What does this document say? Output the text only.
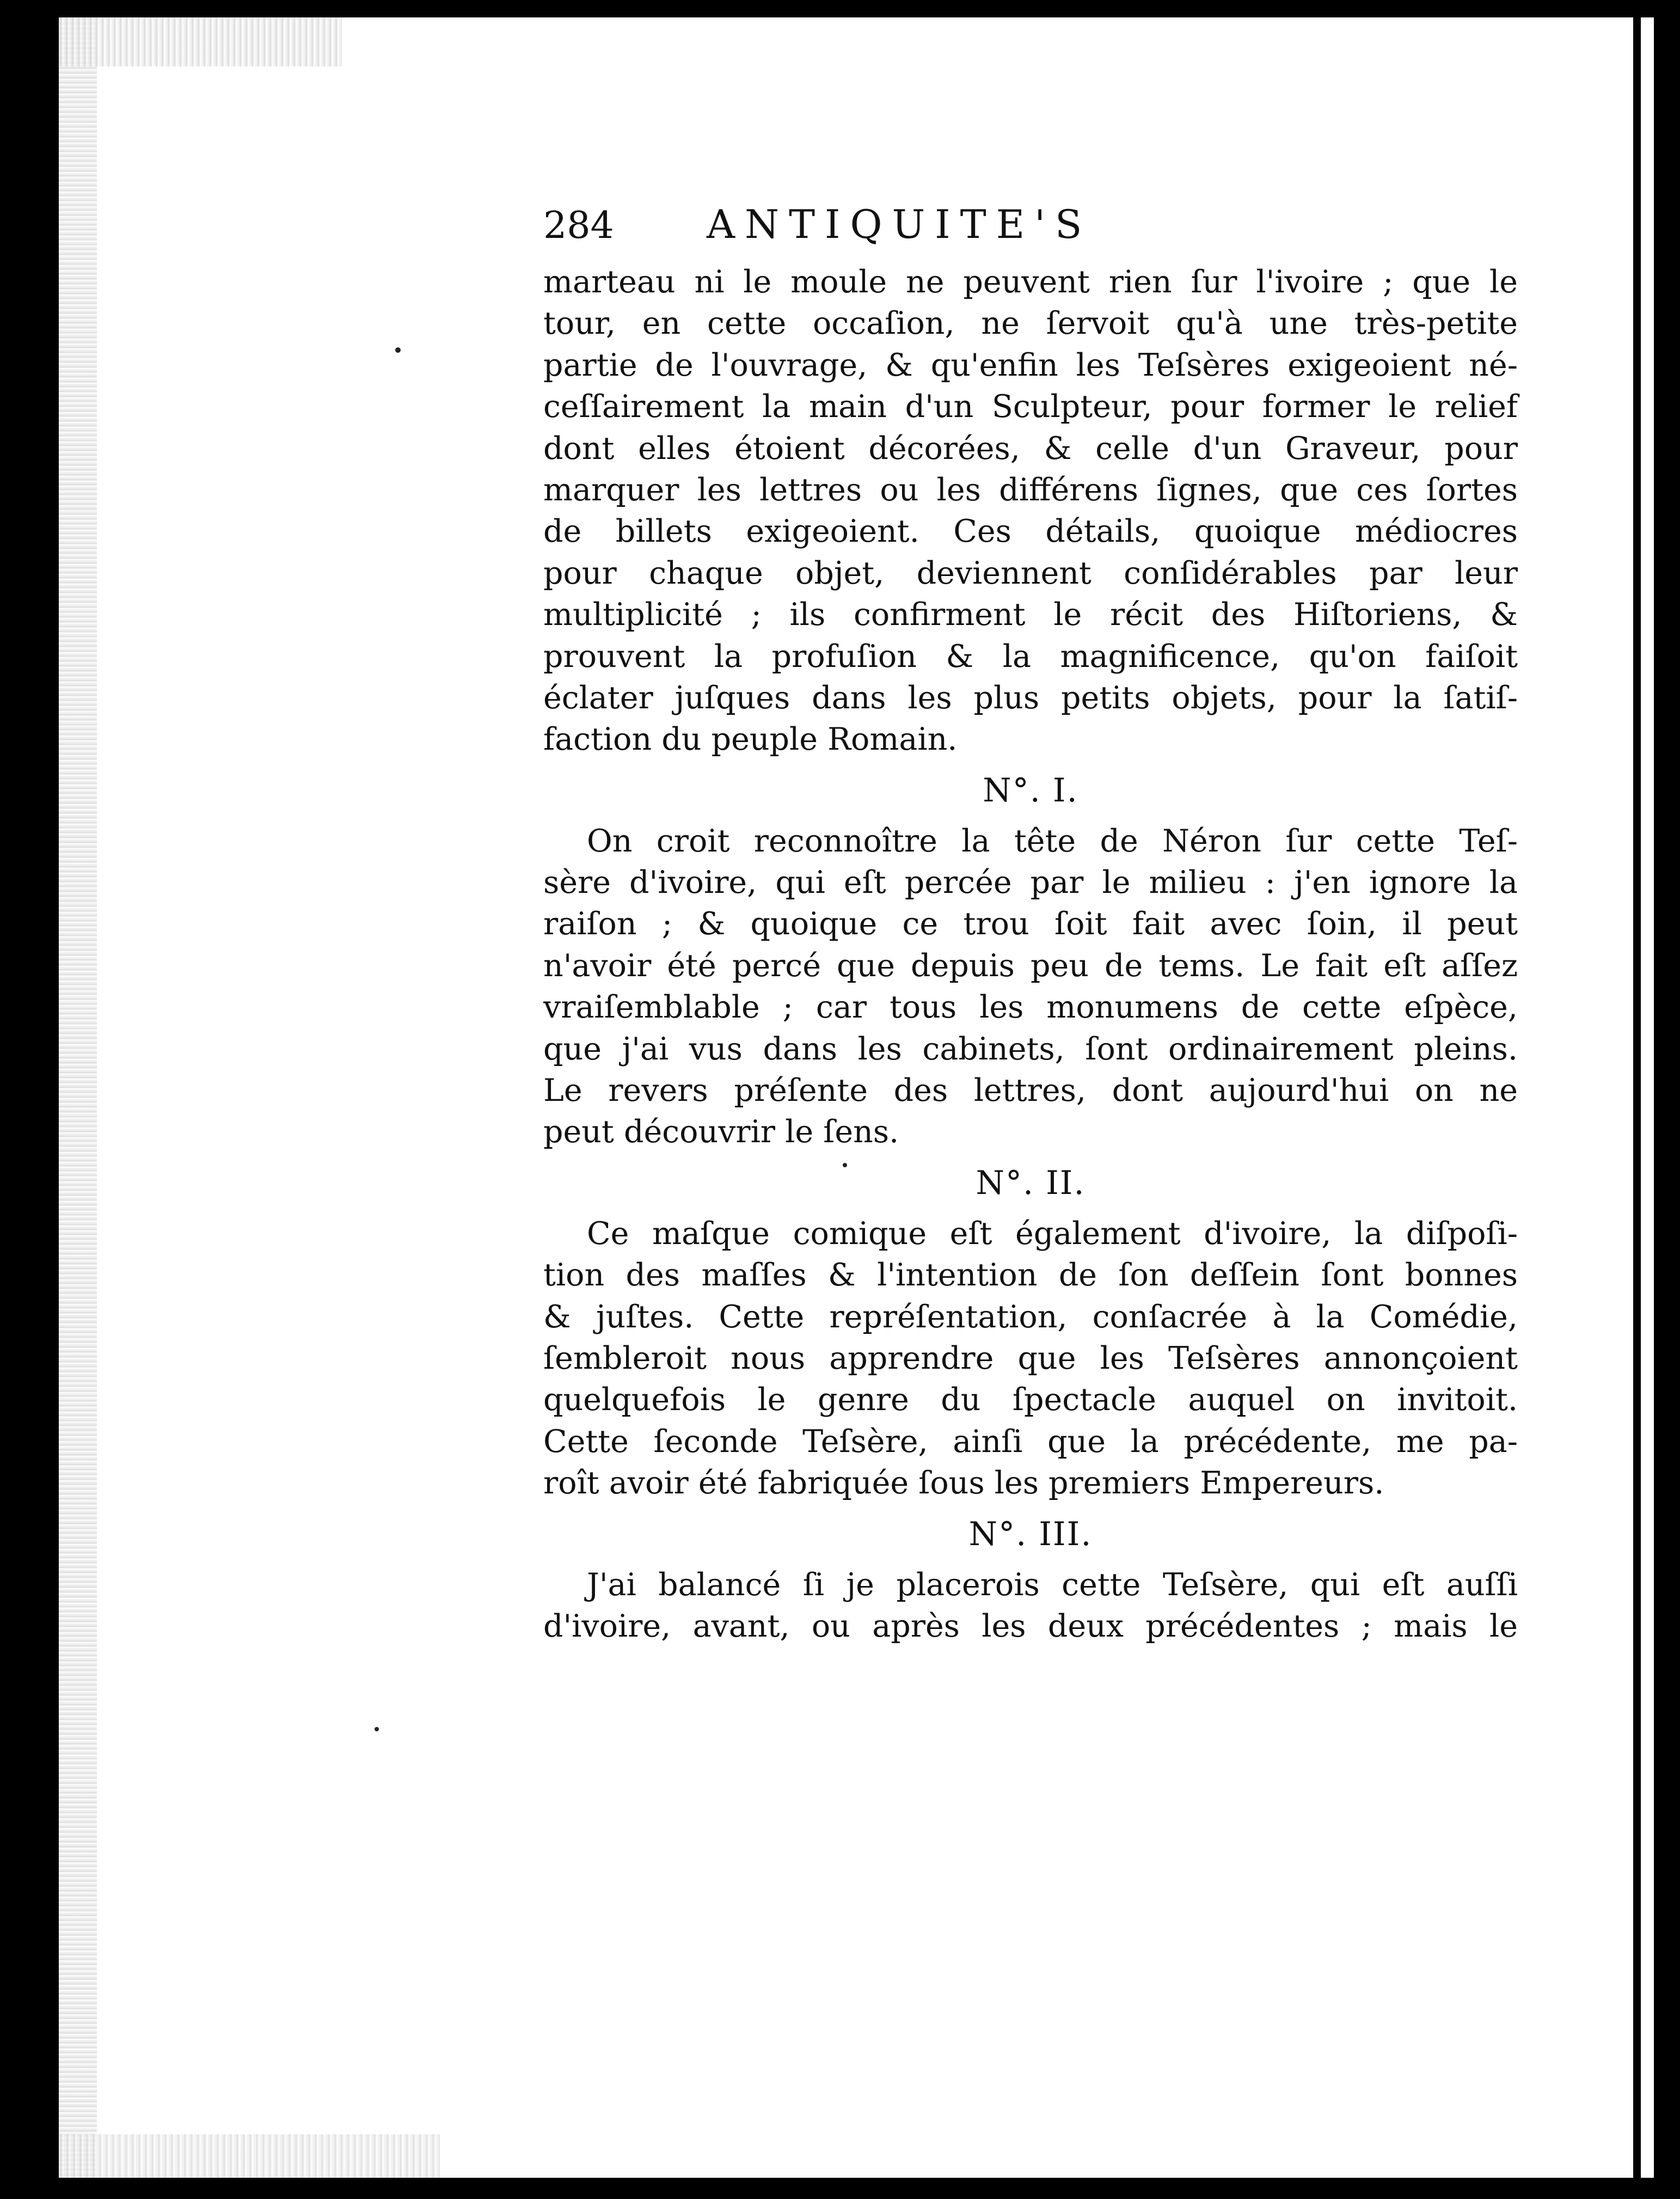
284	ANTIQUITE'S
marteau ni le moule ne peuvent rien ſur l'ivoire ; que le
tour, en cette occaſion, ne ſervoit qu'à une très-petite
partie de l'ouvrage, & qu'enfin les Teſsères exigeoient né-
ceſſairement la main d'un Sculpteur, pour former le relief
dont elles étoient décorées, & celle d'un Graveur, pour
marquer les lettres ou les différens ſignes, que ces ſortes
de billets exigeoient. Ces détails, quoique médiocres
pour chaque objet, deviennent conſidérables par leur
multiplicité ; ils confirment le récit des Hiſtoriens, &
prouvent la profuſion & la magnificence, qu'on faiſoit
éclater juſques dans les plus petits objets, pour la ſatiſ-
faction du peuple Romain.
N°. I.
On croit reconnoître la tête de Néron ſur cette Teſ-
sère d'ivoire, qui eſt percée par le milieu : j'en ignore la
raiſon ; & quoique ce trou ſoit fait avec ſoin, il peut
n'avoir été percé que depuis peu de tems. Le fait eſt aſſez
vraiſemblable ; car tous les monumens de cette eſpèce,
que j'ai vus dans les cabinets, ſont ordinairement pleins.
Le revers préſente des lettres, dont aujourd'hui on ne
peut découvrir le ſens.
N°. II.
Ce maſque comique eſt également d'ivoire, la diſpoſi-
tion des maſſes & l'intention de ſon deſſein ſont bonnes
& juſtes. Cette repréſentation, conſacrée à la Comédie,
ſembleroit nous apprendre que les Teſsères annonçoient
quelquefois le genre du ſpectacle auquel on invitoit.
Cette ſeconde Teſsère, ainſi que la précédente, me pa-
roît avoir été fabriquée ſous les premiers Empereurs.
N°. III.
J'ai balancé ſi je placerois cette Teſsère, qui eſt auſſi
d'ivoire, avant, ou après les deux précédentes ; mais le
